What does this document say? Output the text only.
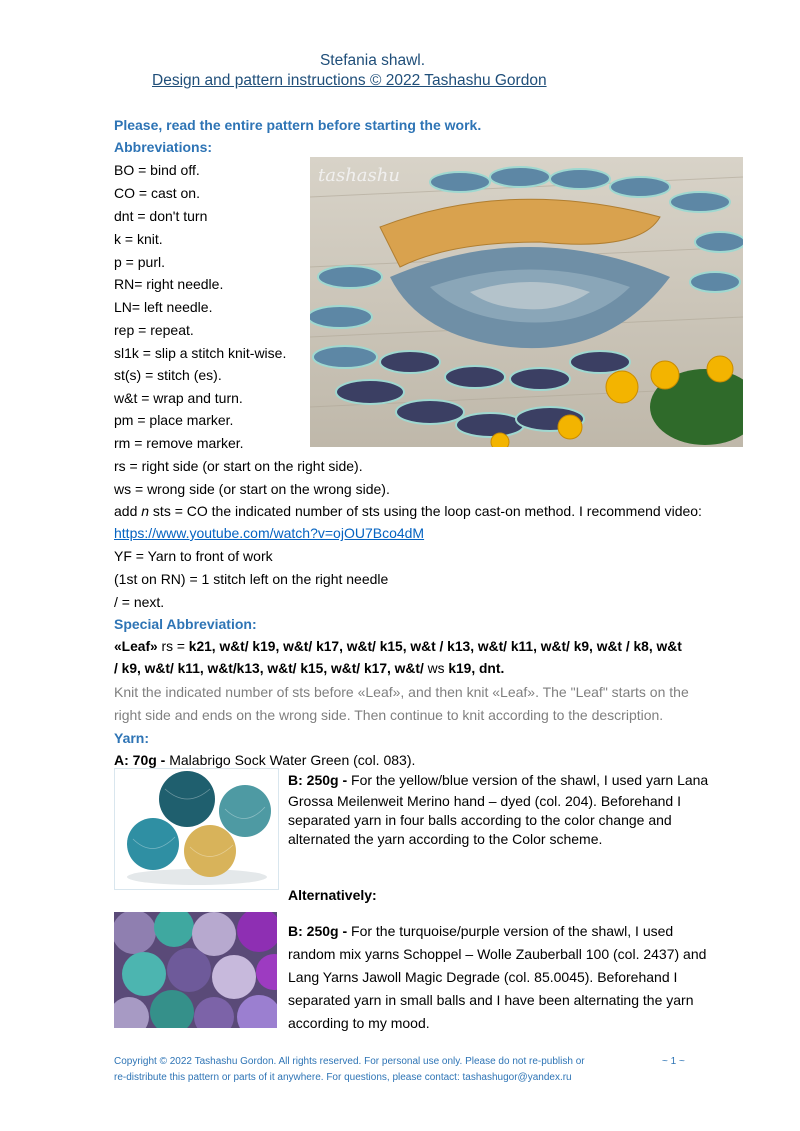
Stefania shawl.
Design and pattern instructions © 2022 Tashashu Gordon
Please, read the entire pattern before starting the work.
Abbreviations:
BO = bind off.
CO = cast on.
dnt = don't turn
k = knit.
p = purl.
RN= right needle.
LN= left needle.
rep = repeat.
sl1k = slip a stitch knit-wise.
st(s) = stitch (es).
w&t = wrap and turn.
pm = place marker.
rm = remove marker.
rs = right side (or start on the right side).
ws = wrong side (or start on the wrong side).
add n sts = CO the indicated number of sts using the loop cast-on method. I recommend video:
https://www.youtube.com/watch?v=ojOU7Bco4dM
YF = Yarn to front of work
(1st on RN) = 1 stitch left on the right needle
/ = next.
Special Abbreviation:
«Leaf» rs = k21, w&t/ k19, w&t/ k17, w&t/ k15, w&t / k13, w&t/ k11, w&t/ k9, w&t / k8, w&t
/ k9, w&t/ k11, w&t/k13, w&t/ k15, w&t/ k17, w&t/ ws k19, dnt.
Knit the indicated number of sts before «Leaf», and then knit «Leaf». The "Leaf" starts on the
right side and ends on the wrong side. Then continue to knit according to the description.
Yarn:
A: 70g - Malabrigo Sock Water Green (col. 083).
B: 250g - For the yellow/blue version of the shawl, I used yarn Lana
Grossa Meilenweit Merino hand – dyed (col. 204). Beforehand I
separated yarn in four balls according to the color change and
alternated the yarn according to the Color scheme.
Alternatively:
B: 250g - For the turquoise/purple version of the shawl, I used
random mix yarns Schoppel – Wolle Zauberball 100 (col. 2437) and
Lang Yarns Jawoll Magic Degrade (col. 85.0045). Beforehand I
separated yarn in small balls and I have been alternating the yarn
according to my mood.
tashashu
Copyright © 2022 Tashashu Gordon. All rights reserved. For personal use only. Please do not re-publish or	~ 1 ~
re-distribute this pattern or parts of it anywhere. For questions, please contact: tashashugor@yandex.ru
